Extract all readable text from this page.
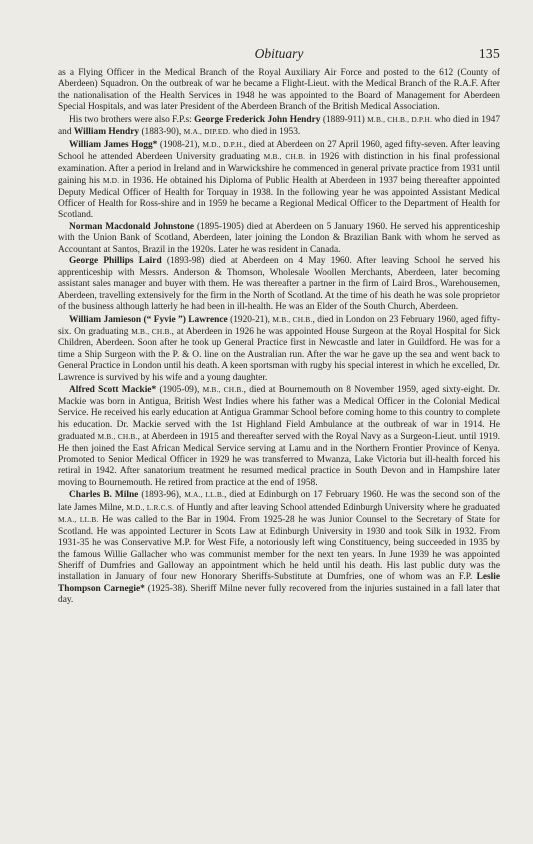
Obituary	135

as a Flying Officer in the Medical Branch of the Royal Auxiliary Air Force and posted to the 612 (County of Aberdeen) Squadron. On the outbreak of war he became a Flight-Lieut. with the Medical Branch of the R.A.F. After the nationalisation of the Health Services in 1948 he was appointed to the Board of Management for Aberdeen Special Hospitals, and was later President of the Aberdeen Branch of the British Medical Association.

His two brothers were also F.P.s: George Frederick John Hendry (1889-911) M.B., CH.B., D.P.H. who died in 1947 and William Hendry (1883-90), M.A., DIP.ED. who died in 1953.

William James Hogg* (1908-21), M.D., D.P.H., died at Aberdeen on 27 April 1960, aged fifty-seven. After leaving School he attended Aberdeen University graduating M.B., CH.B. in 1926 with distinction in his final professional examination. After a period in Ireland and in Warwickshire he commenced in general private practice from 1931 until gaining his M.D. in 1936. He obtained his Diploma of Public Health at Aberdeen in 1937 being thereafter appointed Deputy Medical Officer of Health for Torquay in 1938. In the following year he was appointed Assistant Medical Officer of Health for Ross-shire and in 1959 he became a Regional Medical Officer to the Department of Health for Scotland.

Norman Macdonald Johnstone (1895-1905) died at Aberdeen on 5 January 1960. He served his apprenticeship with the Union Bank of Scotland, Aberdeen, later joining the London & Brazilian Bank with whom he served as Accountant at Santos, Brazil in the 1920s. Later he was resident in Canada.

George Phillips Laird (1893-98) died at Aberdeen on 4 May 1960. After leaving School he served his apprenticeship with Messrs. Anderson & Thomson, Wholesale Woollen Merchants, Aberdeen, later becoming assistant sales manager and buyer with them. He was thereafter a partner in the firm of Laird Bros., Warehousemen, Aberdeen, travelling extensively for the firm in the North of Scotland. At the time of his death he was sole proprietor of the business although latterly he had been in ill-health. He was an Elder of the South Church, Aberdeen.

William Jamieson (“ Fyvie ”) Lawrence (1920-21), M.B., CH.B., died in London on 23 February 1960, aged fifty-six. On graduating M.B., CH.B., at Aberdeen in 1926 he was appointed House Surgeon at the Royal Hospital for Sick Children, Aberdeen. Soon after he took up General Practice first in Newcastle and later in Guildford. He was for a time a Ship Surgeon with the P. & O. line on the Australian run. After the war he gave up the sea and went back to General Practice in London until his death. A keen sportsman with rugby his special interest in which he excelled, Dr. Lawrence is survived by his wife and a young daughter.

Alfred Scott Mackie* (1905-09), M.B., CH.B., died at Bournemouth on 8 November 1959, aged sixty-eight. Dr. Mackie was born in Antigua, British West Indies where his father was a Medical Officer in the Colonial Medical Service. He received his early education at Antigua Grammar School before coming home to this country to complete his education. Dr. Mackie served with the 1st Highland Field Ambulance at the outbreak of war in 1914. He graduated M.B., CH.B., at Aberdeen in 1915 and thereafter served with the Royal Navy as a Surgeon-Lieut. until 1919. He then joined the East African Medical Service serving at Lamu and in the Northern Frontier Province of Kenya. Promoted to Senior Medical Officer in 1929 he was transferred to Mwanza, Lake Victoria but ill-health forced his retiral in 1942. After sanatorium treatment he resumed medical practice in South Devon and in Hampshire later moving to Bournemouth. He retired from practice at the end of 1958.

Charles B. Milne (1893-96), M.A., LL.B., died at Edinburgh on 17 February 1960. He was the second son of the late James Milne, M.D., L.R.C.S. of Huntly and after leaving School attended Edinburgh University where he graduated M.A., LL.B. He was called to the Bar in 1904. From 1925-28 he was Junior Counsel to the Secretary of State for Scotland. He was appointed Lecturer in Scots Law at Edinburgh University in 1930 and took Silk in 1932. From 1931-35 he was Conservative M.P. for West Fife, a notoriously left wing Constituency, being succeeded in 1935 by the famous Willie Gallacher who was communist member for the next ten years. In June 1939 he was appointed Sheriff of Dumfries and Galloway an appointment which he held until his death. His last public duty was the installation in January of four new Honorary Sheriffs-Substitute at Dumfries, one of whom was an F.P. Leslie Thompson Carnegie* (1925-38). Sheriff Milne never fully recovered from the injuries sustained in a fall later that day.
